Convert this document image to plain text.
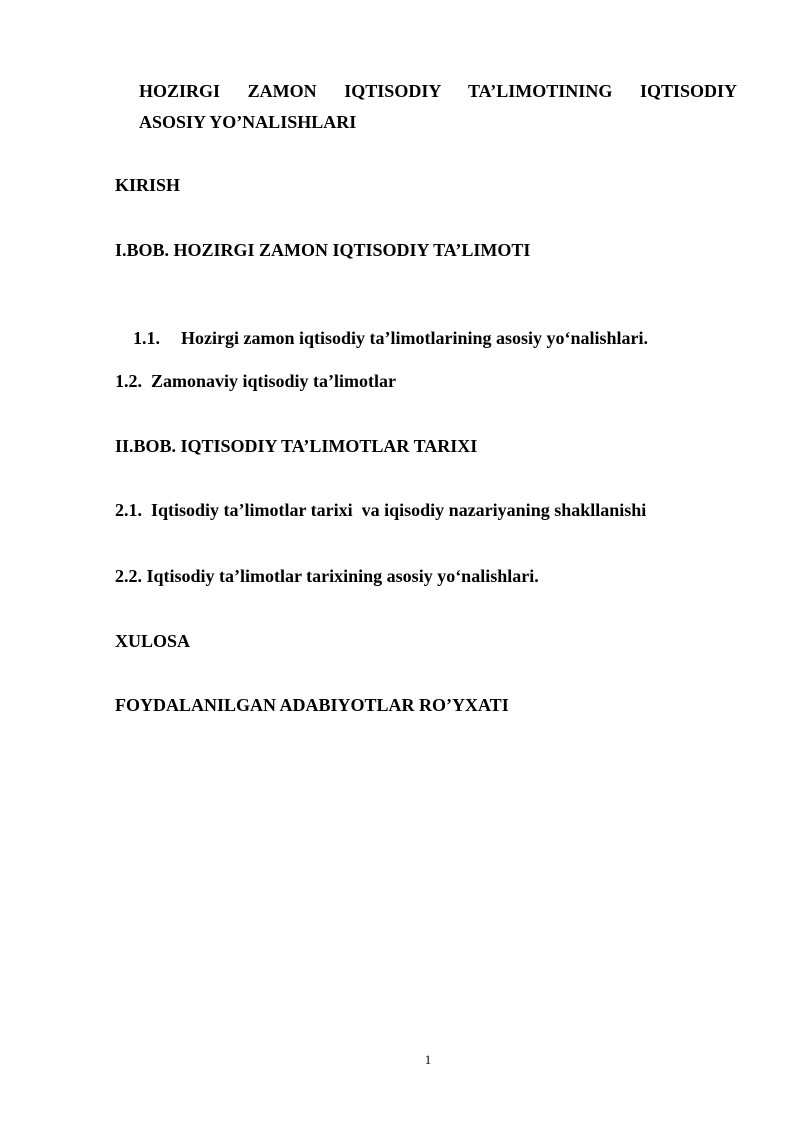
HOZIRGI ZAMON IQTISODIY TA’LIMOTINING IQTISODIY
ASOSIY YO’NALISHLARI
KIRISH
I.BOB. HOZIRGI ZAMON IQTISODIY TA’LIMOTI

1.1. Hozirgi zamon iqtisodiy ta’limotlarining asosiy yo‘nalishlari.

1.2.  Zamonaviy iqtisodiy ta’limotlar
II.BOB. IQTISODIY TA’LIMOTLAR TARIXI
2.1.  Iqtisodiy ta’limotlar tarixi  va iqisodiy nazariyaning shakllanishi
2.2. Iqtisodiy ta’limotlar tarixining asosiy yo‘nalishlari.
XULOSA
FOYDALANILGAN ADABIYOTLAR RO’YXATI
1
